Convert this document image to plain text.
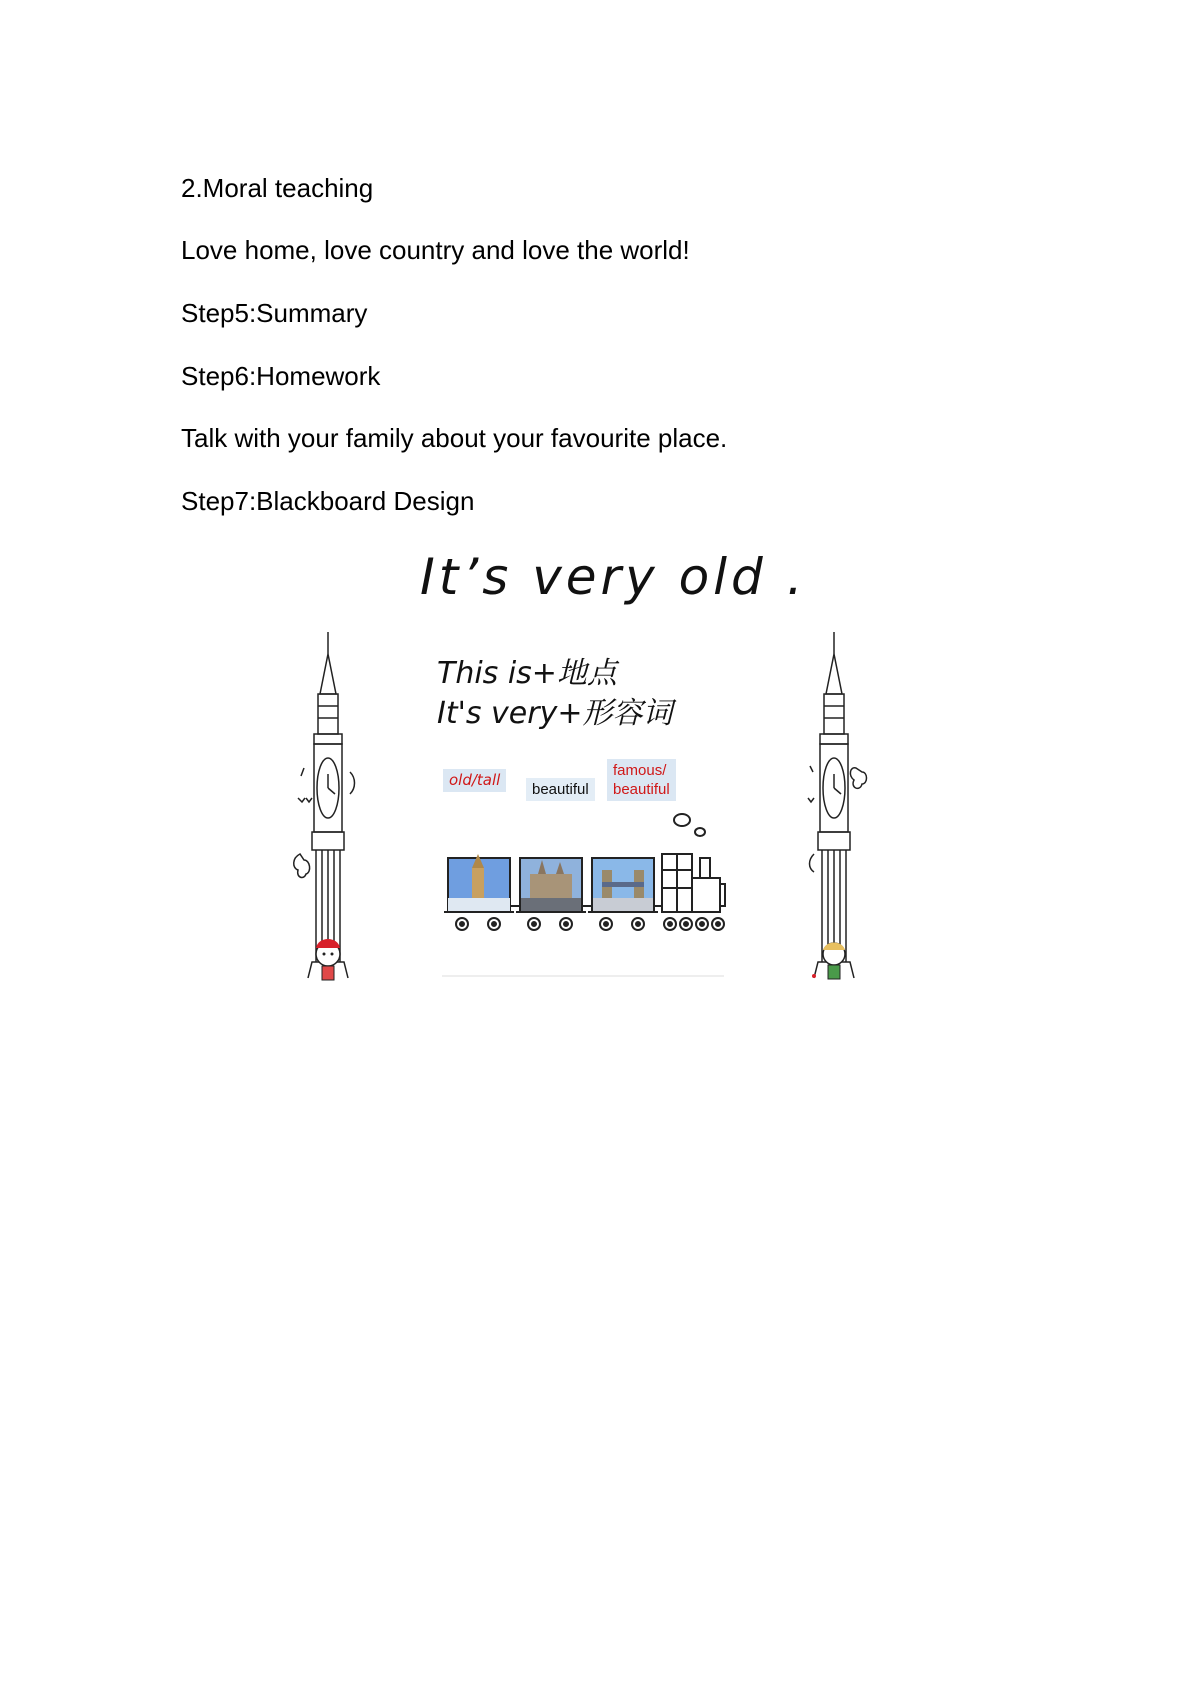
2.Moral teaching
Love home, love country and love the world!
Step5:Summary
Step6:Homework
Talk with your family about your favourite place.
Step7:Blackboard Design
It’s very old .
This is+地点
It's very+形容词
old/tall
beautiful
famous/
beautiful
